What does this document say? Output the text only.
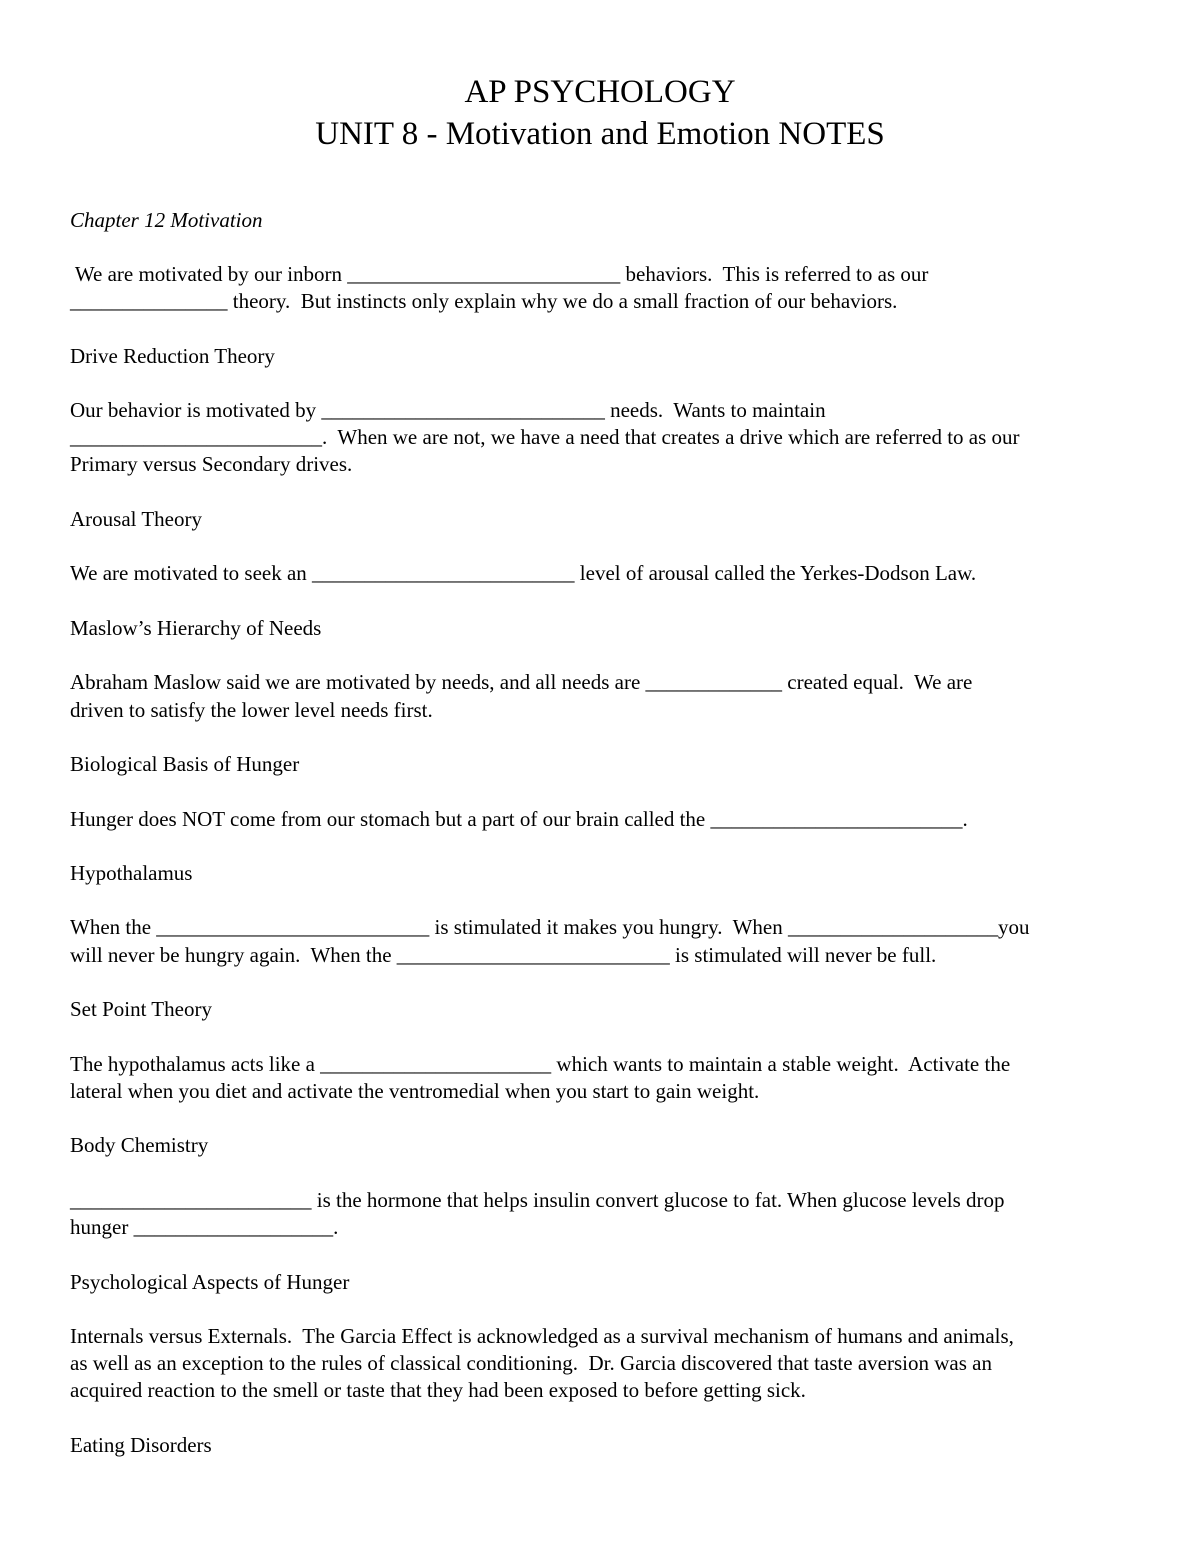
AP PSYCHOLOGY
UNIT 8 - Motivation and Emotion NOTES
Chapter 12 Motivation
We are motivated by our inborn __________________________ behaviors.  This is referred to as our
_______________ theory.  But instincts only explain why we do a small fraction of our behaviors.
Drive Reduction Theory
Our behavior is motivated by ___________________________ needs.  Wants to maintain
________________________.  When we are not, we have a need that creates a drive which are referred to as our
Primary versus Secondary drives.
Arousal Theory
We are motivated to seek an _________________________ level of arousal called the Yerkes-Dodson Law.
Maslow’s Hierarchy of Needs
Abraham Maslow said we are motivated by needs, and all needs are _____________ created equal.  We are
driven to satisfy the lower level needs first.
Biological Basis of Hunger
Hunger does NOT come from our stomach but a part of our brain called the ________________________.
Hypothalamus
When the __________________________ is stimulated it makes you hungry.  When ____________________you
will never be hungry again.  When the __________________________ is stimulated will never be full.
Set Point Theory
The hypothalamus acts like a ______________________ which wants to maintain a stable weight.  Activate the
lateral when you diet and activate the ventromedial when you start to gain weight.
Body Chemistry
_______________________ is the hormone that helps insulin convert glucose to fat. When glucose levels drop
hunger ___________________.
Psychological Aspects of Hunger
Internals versus Externals.  The Garcia Effect is acknowledged as a survival mechanism of humans and animals,
as well as an exception to the rules of classical conditioning.  Dr. Garcia discovered that taste aversion was an
acquired reaction to the smell or taste that they had been exposed to before getting sick.
Eating Disorders
